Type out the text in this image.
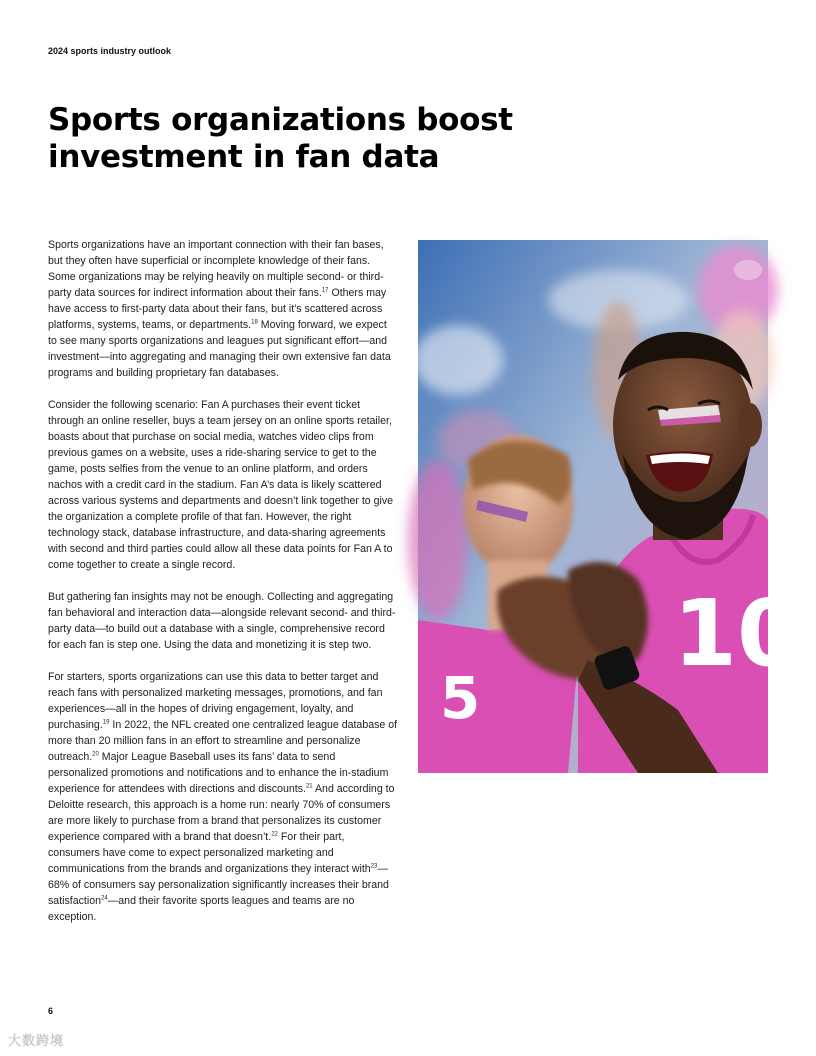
2024 sports industry outlook
Sports organizations boost investment in fan data

Sports organizations have an important connection with their fan bases, but they often have superficial or incomplete knowledge of their fans. Some organizations may be relying heavily on multiple second- or third-party data sources for indirect information about their fans.$^{17}$ Others may have access to first-party data about their fans, but it’s scattered across platforms, systems, teams, or departments.$^{18}$ Moving forward, we expect to see many sports organizations and leagues put significant effort—and investment—into aggregating and managing their own extensive fan data programs and building proprietary fan databases.

Consider the following scenario: Fan A purchases their event ticket through an online reseller, buys a team jersey on an online sports retailer, boasts about that purchase on social media, watches video clips from previous games on a website, uses a ride-sharing service to get to the game, posts selfies from the venue to an online platform, and orders nachos with a credit card in the stadium. Fan A’s data is likely scattered across various systems and departments and doesn’t link together to give the organization a complete profile of that fan. However, the right technology stack, database infrastructure, and data-sharing agreements with second and third parties could allow all these data points for Fan A to come together to create a single record.

But gathering fan insights may not be enough. Collecting and aggregating fan behavioral and interaction data—alongside relevant second- and third-party data—to build out a database with a single, comprehensive record for each fan is step one. Using the data and monetizing it is step two.

For starters, sports organizations can use this data to better target and reach fans with personalized marketing messages, promotions, and fan experiences—all in the hopes of driving engagement, loyalty, and purchasing.$^{19}$ In 2022, the NFL created one centralized league database of more than 20 million fans in an effort to streamline and personalize outreach.$^{20}$ Major League Baseball uses its fans’ data to send personalized promotions and notifications and to enhance the in-stadium experience for attendees with directions and discounts.$^{21}$ And according to Deloitte research, this approach is a home run: nearly 70% of consumers are more likely to purchase from a brand that personalizes its customer experience compared with a brand that doesn’t.$^{22}$ For their part, consumers have come to expect personalized marketing and communications from the brands and organizations they interact with$^{23}$—68% of consumers say personalization significantly increases their brand satisfaction$^{24}$—and their favorite sports leagues and teams are no exception.

5
10
6
大数跨境
